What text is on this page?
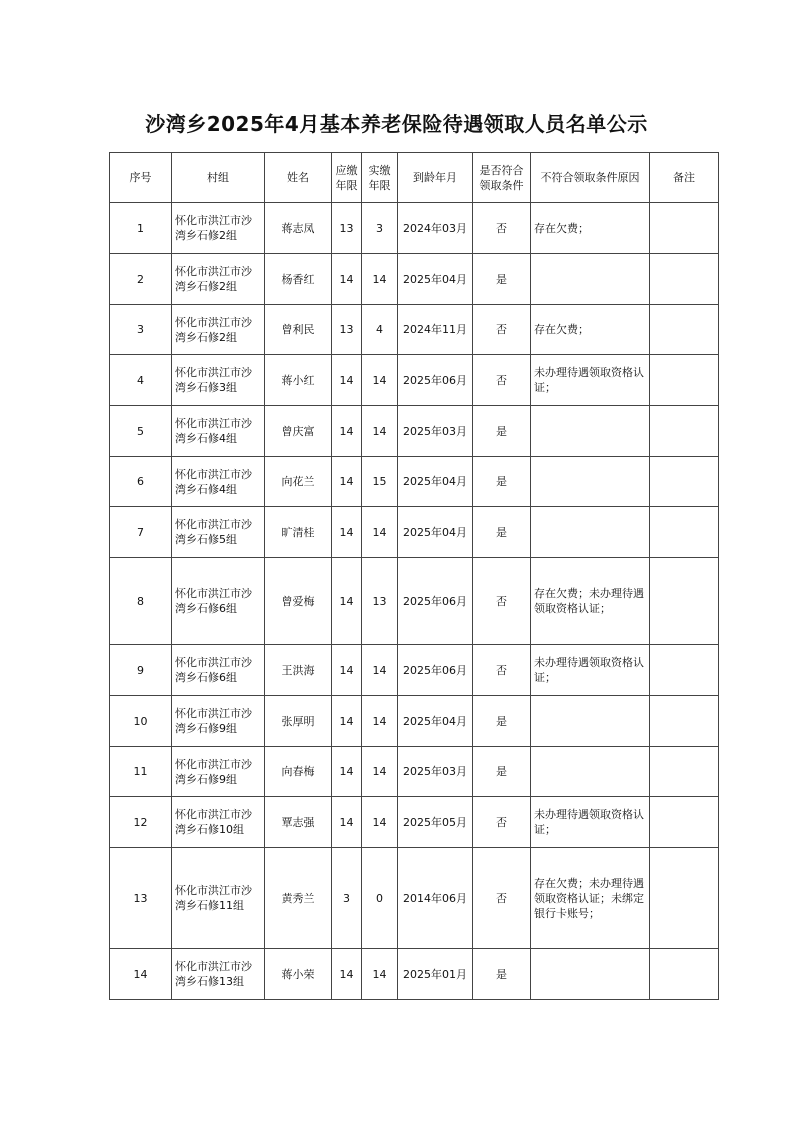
沙湾乡2025年4月基本养老保险待遇领取人员名单公示
序号	村组	姓名	应缴年限	实缴年限	到龄年月	是否符合领取条件	不符合领取条件原因	备注
1	怀化市洪江市沙湾乡石修2组	蒋志凤	13	3	2024年03月	否	存在欠费；	
2	怀化市洪江市沙湾乡石修2组	杨香红	14	14	2025年04月	是		
3	怀化市洪江市沙湾乡石修2组	曾利民	13	4	2024年11月	否	存在欠费；	
4	怀化市洪江市沙湾乡石修3组	蒋小红	14	14	2025年06月	否	未办理待遇领取资格认证；	
5	怀化市洪江市沙湾乡石修4组	曾庆富	14	14	2025年03月	是		
6	怀化市洪江市沙湾乡石修4组	向花兰	14	15	2025年04月	是		
7	怀化市洪江市沙湾乡石修5组	旷清桂	14	14	2025年04月	是		
8	怀化市洪江市沙湾乡石修6组	曾爱梅	14	13	2025年06月	否	存在欠费；未办理待遇领取资格认证；	
9	怀化市洪江市沙湾乡石修6组	王洪海	14	14	2025年06月	否	未办理待遇领取资格认证；	
10	怀化市洪江市沙湾乡石修9组	张厚明	14	14	2025年04月	是		
11	怀化市洪江市沙湾乡石修9组	向春梅	14	14	2025年03月	是		
12	怀化市洪江市沙湾乡石修10组	覃志强	14	14	2025年05月	否	未办理待遇领取资格认证；	
13	怀化市洪江市沙湾乡石修11组	黄秀兰	3	0	2014年06月	否	存在欠费；未办理待遇领取资格认证；未绑定银行卡账号；	
14	怀化市洪江市沙湾乡石修13组	蒋小荣	14	14	2025年01月	是		
